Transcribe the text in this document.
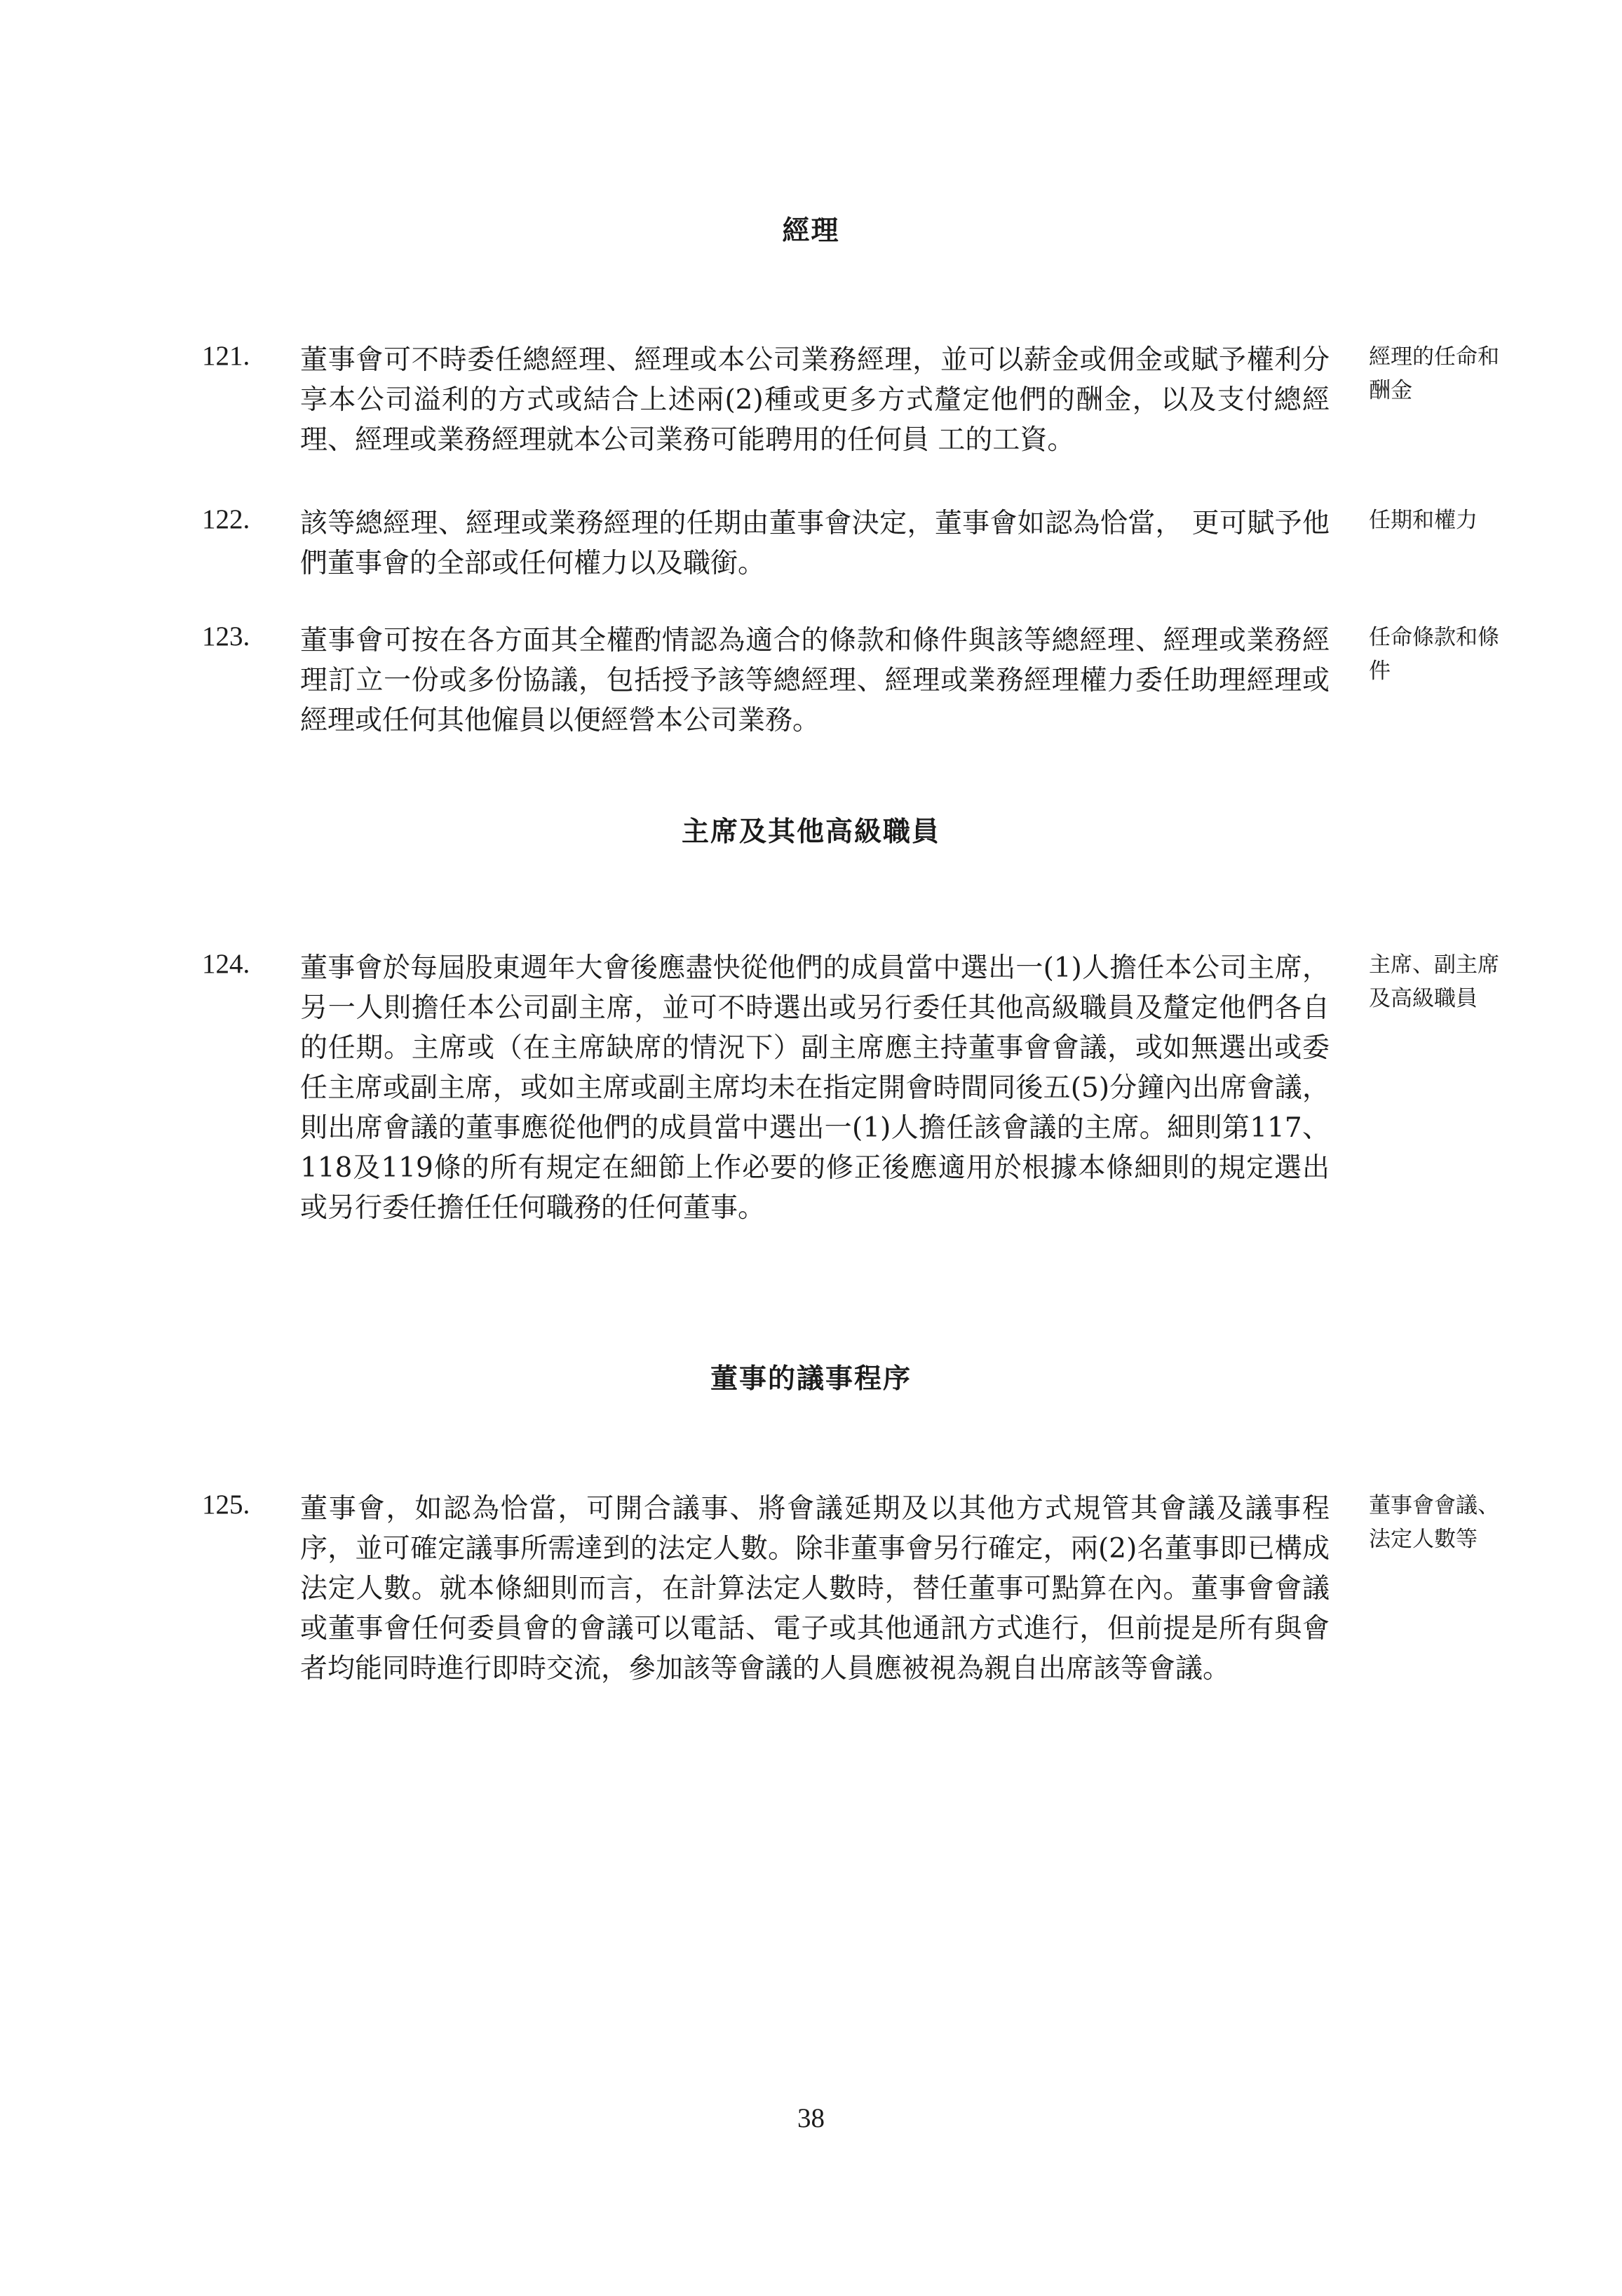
經理
121. 董事會可不時委任總經理、經理或本公司業務經理，並可以薪金或佣金或賦予權利分享本公司溢利的方式或結合上述兩(2)種或更多方式釐定他們的酬金，以及支付總經理、經理或業務經理就本公司業務可能聘用的任何員 工的工資。
經理的任命和 酬金
122. 該等總經理、經理或業務經理的任期由董事會決定，董事會如認為恰當， 更可賦予他們董事會的全部或任何權力以及職銜。
任期和權力
123. 董事會可按在各方面其全權酌情認為適合的條款和條件與該等總經理、經理或業務經理訂立一份或多份協議，包括授予該等總經理、經理或業務經理權力委任助理經理或經理或任何其他僱員以便經營本公司業務。
任命條款和條件
主席及其他高級職員
124. 董事會於每屆股東週年大會後應盡快從他們的成員當中選出一(1)人擔任本公司主席，另一人則擔任本公司副主席，並可不時選出或另行委任其他高級職員及釐定他們各自的任期。主席或（在主席缺席的情況下）副主席應主持董事會會議，或如無選出或委任主席或副主席，或如主席或副主席均未在指定開會時間同後五(5)分鐘內出席會議，則出席會議的董事應從他們的成員當中選出一(1)人擔任該會議的主席。細則第117、118及119條的所有規定在細節上作必要的修正後應適用於根據本條細則的規定選出或另行委任擔任任何職務的任何董事。
主席、副主席及高級職員
董事的議事程序
125. 董事會，如認為恰當，可開合議事、將會議延期及以其他方式規管其會議及議事程序，並可確定議事所需達到的法定人數。除非董事會另行確定，兩(2)名董事即已構成法定人數。就本條細則而言，在計算法定人數時，替任董事可點算在內。董事會會議或董事會任何委員會的會議可以電話、電子或其他通訊方式進行，但前提是所有與會者均能同時進行即時交流，參加該等會議的人員應被視為親自出席該等會議。
董事會會議、 法定人數等
38
